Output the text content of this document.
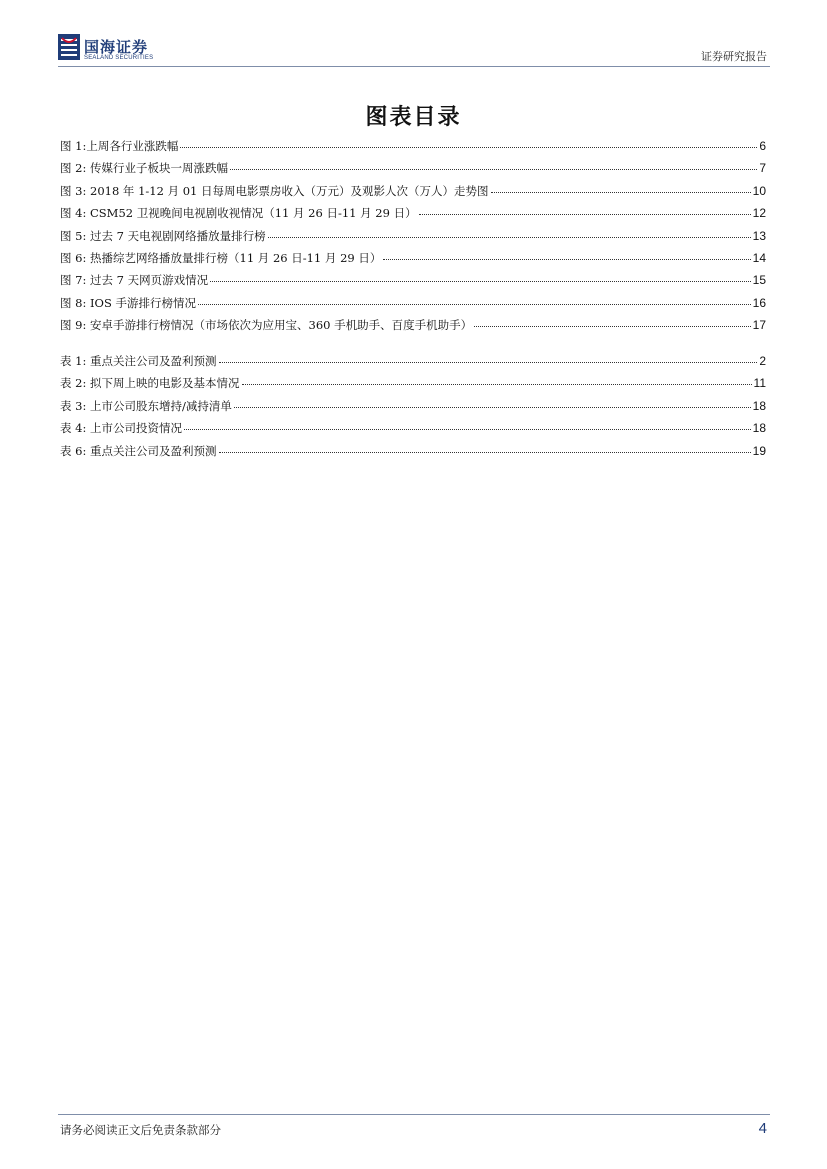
国海证券
SEALAND SECURITIES	证券研究报告
图表目录
图 1:上周各行业涨跌幅	6
图 2: 传媒行业子板块一周涨跌幅	7
图 3: 2018 年 1-12 月 01 日每周电影票房收入（万元）及观影人次（万人）走势图	10
图 4: CSM52 卫视晚间电视剧收视情况（11 月 26 日-11 月 29 日）	12
图 5: 过去 7 天电视剧网络播放量排行榜	13
图 6: 热播综艺网络播放量排行榜（11 月 26 日-11 月 29 日）	14
图 7: 过去 7 天网页游戏情况	15
图 8: IOS 手游排行榜情况	16
图 9: 安卓手游排行榜情况（市场依次为应用宝、360 手机助手、百度手机助手）	17
表 1: 重点关注公司及盈利预测	2
表 2: 拟下周上映的电影及基本情况	11
表 3: 上市公司股东增持/减持清单	18
表 4: 上市公司投资情况	18
表 6: 重点关注公司及盈利预测	19
请务必阅读正文后免责条款部分	4
